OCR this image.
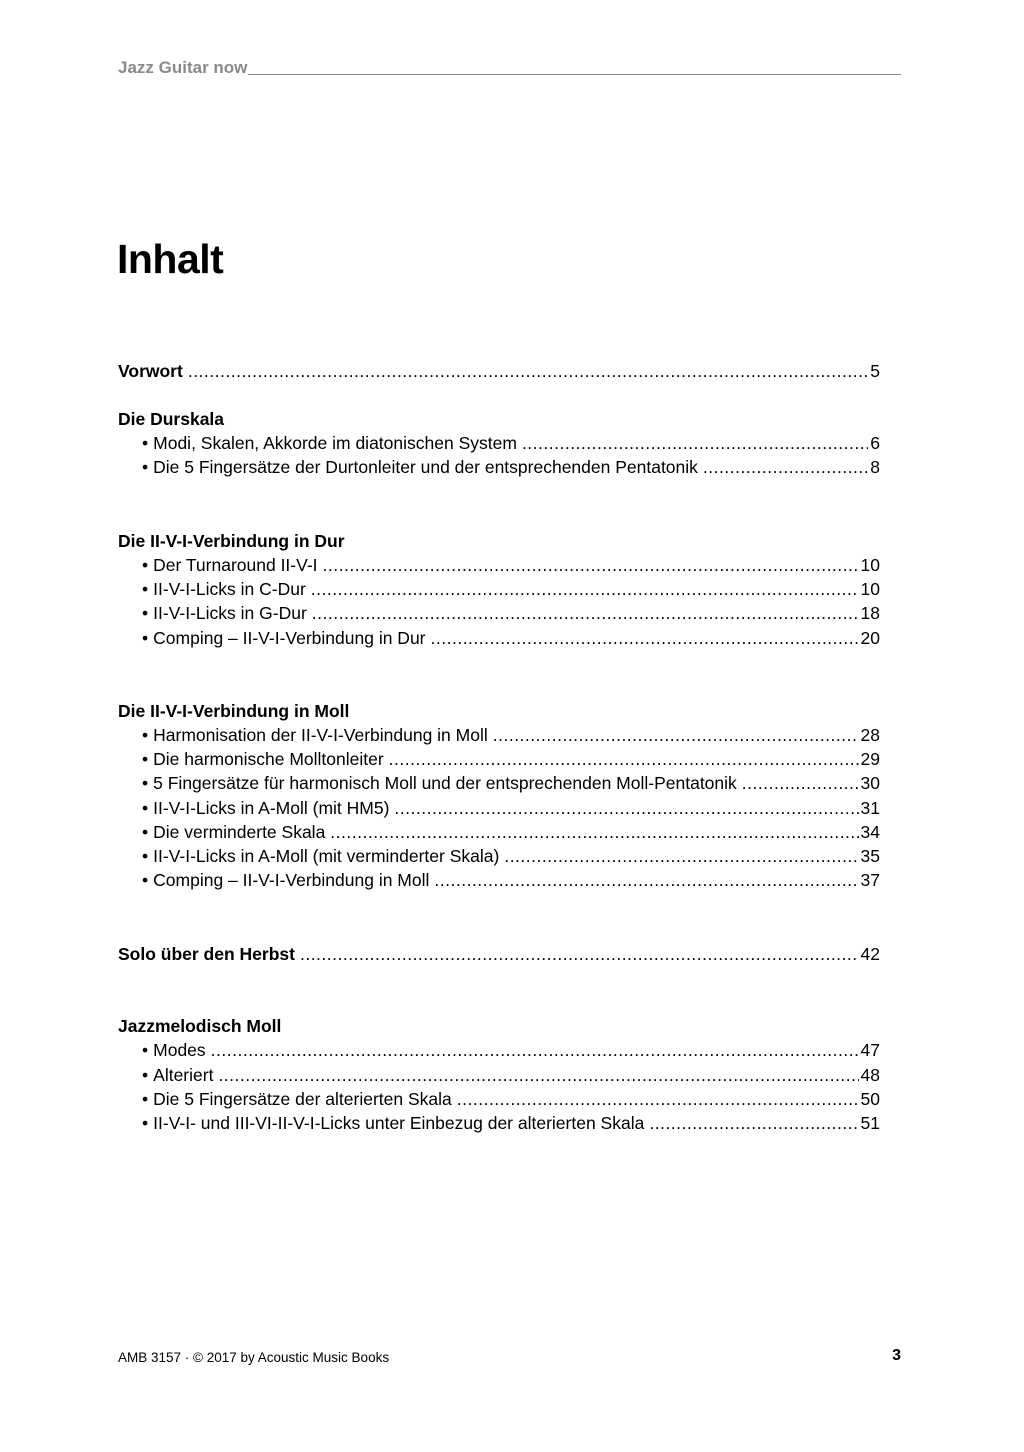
Jazz Guitar now
Inhalt
Vorwort .....	5
Die Durskala
• Modi, Skalen, Akkorde im diatonischen System .....	6
• Die 5 Fingersätze der Durtonleiter und der entsprechenden Pentatonik .....	8
Die II-V-I-Verbindung in Dur
• Der Turnaround II-V-I .....	10
• II-V-I-Licks in C-Dur .....	10
• II-V-I-Licks in G-Dur .....	18
• Comping – II-V-I-Verbindung in Dur .....	20
Die II-V-I-Verbindung in Moll
• Harmonisation der II-V-I-Verbindung in Moll .....	28
• Die harmonische Molltonleiter .....	29
• 5 Fingersätze für harmonisch Moll und der entsprechenden Moll-Pentatonik .....	30
• II-V-I-Licks in A-Moll (mit HM5) .....	31
• Die verminderte Skala .....	34
• II-V-I-Licks in A-Moll (mit verminderter Skala) .....	35
• Comping – II-V-I-Verbindung in Moll .....	37
Solo über den Herbst .....	42
Jazzmelodisch Moll
• Modes .....	47
• Alteriert .....	48
• Die 5 Fingersätze der alterierten Skala .....	50
• II-V-I- und III-VI-II-V-I-Licks unter Einbezug der alterierten Skala .....	51
AMB 3157 · © 2017 by Acoustic Music Books	3
